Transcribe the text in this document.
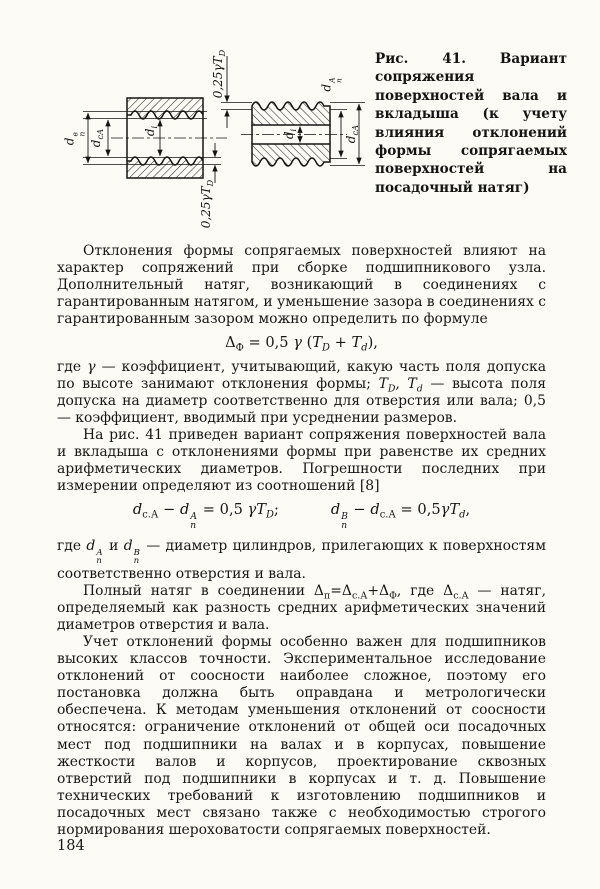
d
в
п
$d_{сА}$	$d_i$
$0,25\gamma T_D$
$0,25\gamma T_D$
d
А
п
$d_i$
$d_{сА}$
Рис. 41. Вариант сопряжения поверхностей вала и вкладыша (к учету влияния отклонений формы сопрягаемых поверхностей на посадочный натяг)

Отклонения формы сопрягаемых поверхностей влияют на характер сопряжений при сборке подшипникового узла. Дополнительный натяг, возникающий в соединениях с гарантированным натягом, и уменьшение зазора в соединениях с гарантированным зазором можно определить по формуле

$\Delta_Ф = 0,5$ γ $(T_D + T_d)$,

где γ — коэффициент, учитывающий, какую часть поля допуска по высоте занимают отклонения формы; $T_D$, $T_d$ — высота поля допуска на диаметр соответственно для отверстия или вала; 0,5 — коэффициент, вводимый при усреднении размеров.

На рис. 41 приведен вариант сопряжения поверхностей вала и вкладыша с отклонениями формы при равенстве их средних арифметических диаметров. Погрешности последних при измерении определяют из соотношений [8]

$d_{с.А} - d$ А
п
= 0,5 $\gamma T_D$;	d В
п
− $d_{с.А} = 0,5\gamma T_d$,

где d А
п
и d В
п
— диаметр цилиндров, прилегающих к поверхностям соответственно отверстия и вала.

Полный натяг в соединении $\Delta_п=\Delta_{с.А}+\Delta_Ф$, где $\Delta_{с.А}$ — натяг, определяемый как разность средних арифметических значений диаметров отверстия и вала.

Учет отклонений формы особенно важен для подшипников высоких классов точности. Экспериментальное исследование отклонений от соосности наиболее сложное, поэтому его постановка должна быть оправдана и метрологически обеспечена. К методам уменьшения отклонений от соосности относятся: ограничение отклонений от общей оси посадочных мест под подшипники на валах и в корпусах, повышение жесткости валов и корпусов, проектирование сквозных отверстий под подшипники в корпусах и т. д. Повышение технических требований к изготовлению подшипников и посадочных мест связано также с необходимостью строгого нормирования шероховатости сопрягаемых поверхностей.

184
